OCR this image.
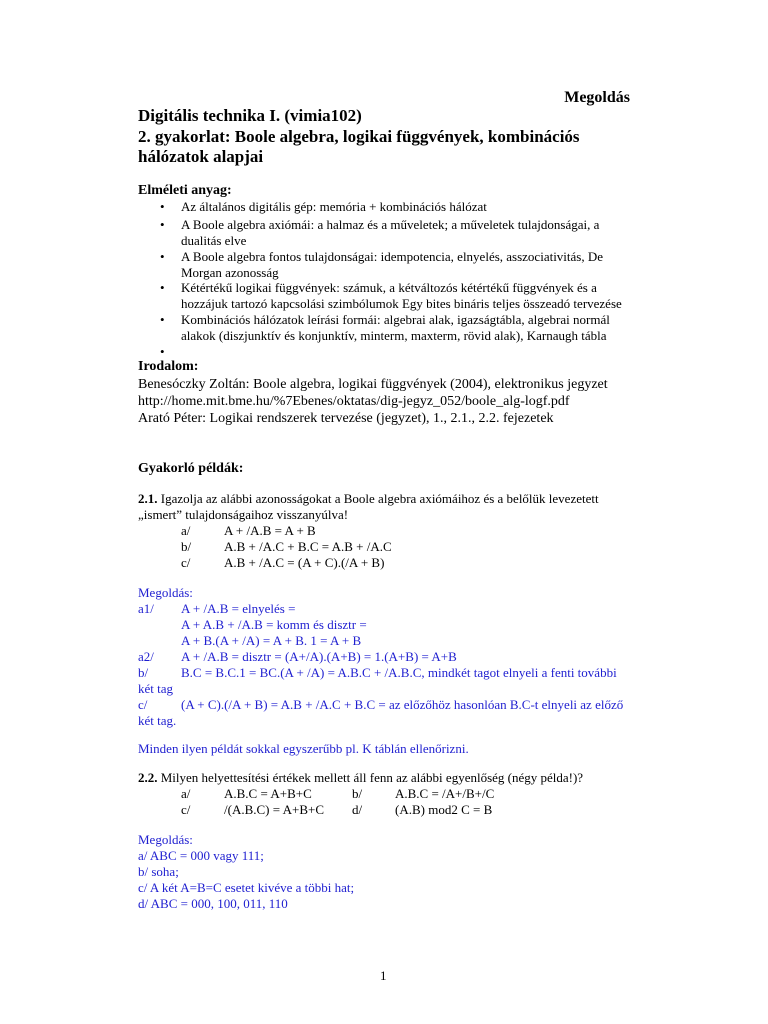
Megoldás
Digitális technika I. (vimia102)
2. gyakorlat: Boole algebra, logikai függvények, kombinációs
hálózatok alapjai
Elméleti anyag:
• Az általános digitális gép: memória + kombinációs hálózat
• A Boole algebra axiómái: a halmaz és a műveletek; a műveletek tulajdonságai, a
dualitás elve
• A Boole algebra fontos tulajdonságai: idempotencia, elnyelés, asszociativitás, De
Morgan azonosság
• Kétértékű logikai függvények: számuk, a kétváltozós kétértékű függvények és a
hozzájuk tartozó kapcsolási szimbólumok Egy bites bináris teljes összeadó tervezése
• Kombinációs hálózatok leírási formái: algebrai alak, igazságtábla, algebrai normál
alakok (diszjunktív és konjunktív, minterm, maxterm, rövid alak), Karnaugh tábla
•
Irodalom:
Benesóczky Zoltán: Boole algebra, logikai függvények (2004), elektronikus jegyzet
http://home.mit.bme.hu/%7Ebenes/oktatas/dig-jegyz_052/boole_alg-logf.pdf
Arató Péter: Logikai rendszerek tervezése (jegyzet), 1., 2.1., 2.2. fejezetek
Gyakorló példák:
2.1. Igazolja az alábbi azonosságokat a Boole algebra axiómáihoz és a belőlük levezetett
„ismert” tulajdonságaihoz visszanyúlva!
a/	A + /A.B = A + B
b/	A.B + /A.C + B.C = A.B + /A.C
c/	A.B + /A.C = (A + C).(/A + B)
Megoldás:
a1/ A + /A.B = elnyelés =
A + A.B + /A.B = komm és disztr =
A + B.(A + /A) = A + B. 1 = A + B
a2/ A + /A.B = disztr = (A+/A).(A+B) = 1.(A+B) = A+B
b/	B.C = B.C.1 = BC.(A + /A) = A.B.C + /A.B.C, mindkét tagot elnyeli a fenti további
két tag
c/	(A + C).(/A + B) = A.B + /A.C + B.C = az előzőhöz hasonlóan B.C-t elnyeli az előző
két tag.
Minden ilyen példát sokkal egyszerűbb pl. K táblán ellenőrizni.
2.2. Milyen helyettesítési értékek mellett áll fenn az alábbi egyenlőség (négy példa!)?
a/	A.B.C = A+B+C	b/	A.B.C = /A+/B+/C
c/	/(A.B.C) = A+B+C d/	(A.B) mod2 C = B
Megoldás:
a/ ABC = 000 vagy 111;
b/ soha;
c/ A két A=B=C esetet kivéve a többi hat;
d/ ABC = 000, 100, 011, 110
1
